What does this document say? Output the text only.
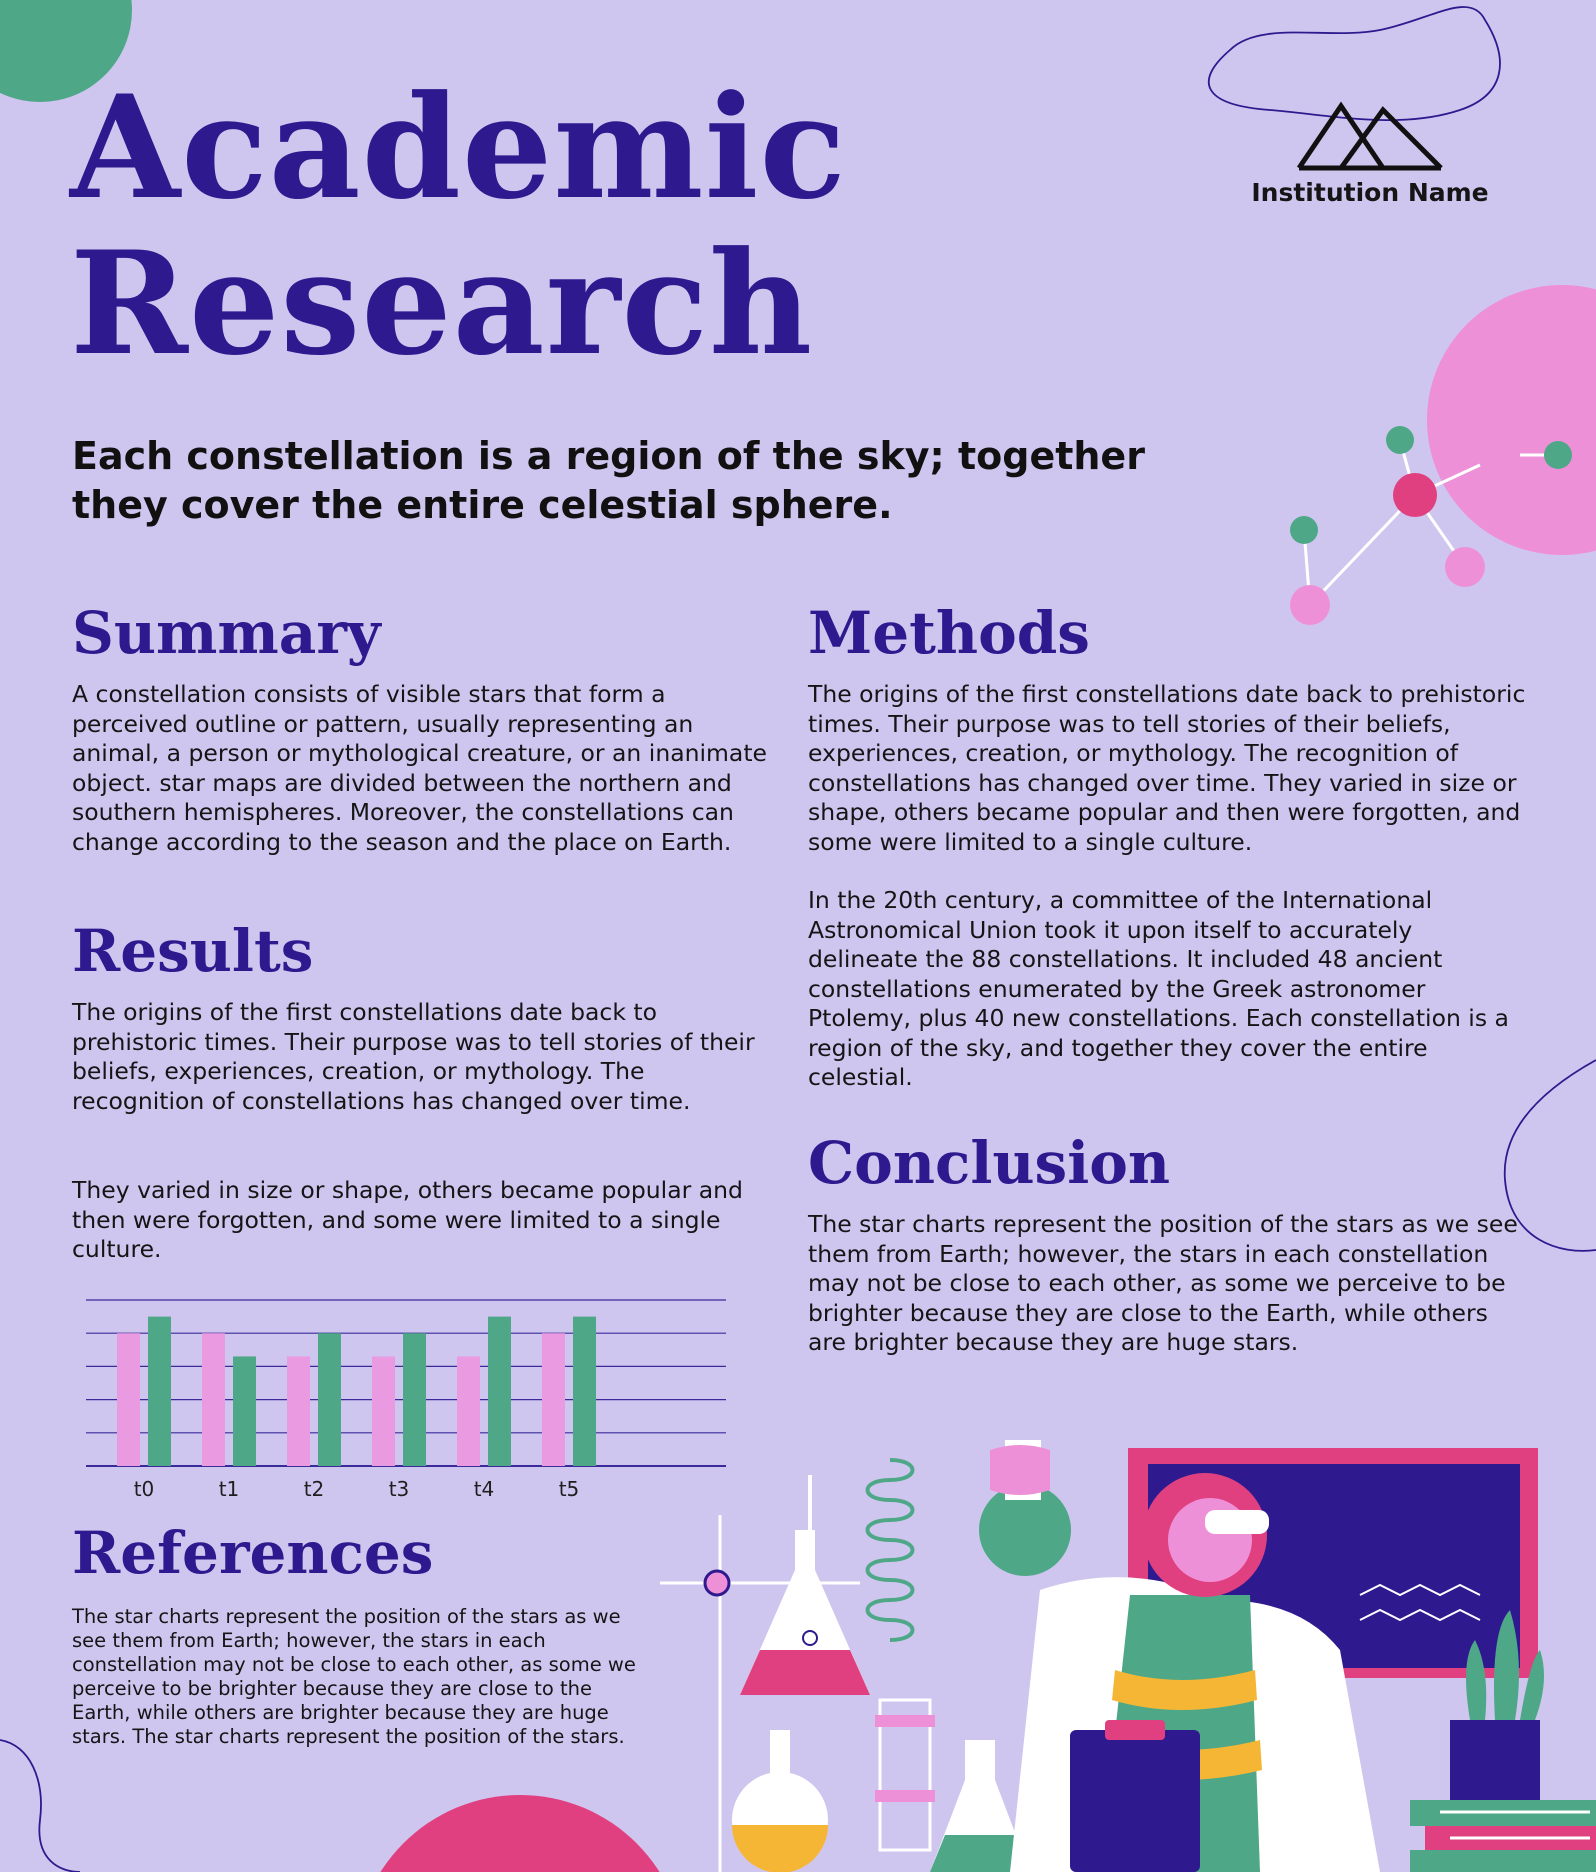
Academic
Research
Institution Name

Each constellation is a region of the sky; together they cover the entire celestial sphere.

Summary

A constellation consists of visible stars that form a perceived outline or pattern, usually representing an animal, a person or mythological creature, or an inanimate object. star maps are divided between the northern and southern hemispheres. Moreover, the constellations can change according to the season and the place on Earth.

Results

The origins of the first constellations date back to prehistoric times. Their purpose was to tell stories of their beliefs, experiences, creation, or mythology. The recognition of constellations has changed over time.

They varied in size or shape, others became popular and then were forgotten, and some were limited to a single culture.

t0	t1	t2	t3	t4	t5
References

The star charts represent the position of the stars as we see them from Earth; however, the stars in each constellation may not be close to each other, as some we perceive to be brighter because they are close to the Earth, while others are brighter because they are huge stars. The star charts represent the position of the stars.

Methods

The origins of the first constellations date back to prehistoric times. Their purpose was to tell stories of their beliefs, experiences, creation, or mythology. The recognition of constellations has changed over time. They varied in size or shape, others became popular and then were forgotten, and some were limited to a single culture.

In the 20th century, a committee of the International Astronomical Union took it upon itself to accurately delineate the 88 constellations. It included 48 ancient constellations enumerated by the Greek astronomer Ptolemy, plus 40 new constellations. Each constellation is a region of the sky, and together they cover the entire celestial.

Conclusion

The star charts represent the position of the stars as we see them from Earth; however, the stars in each constellation may not be close to each other, as some we perceive to be brighter because they are close to the Earth, while others are brighter because they are huge stars.
